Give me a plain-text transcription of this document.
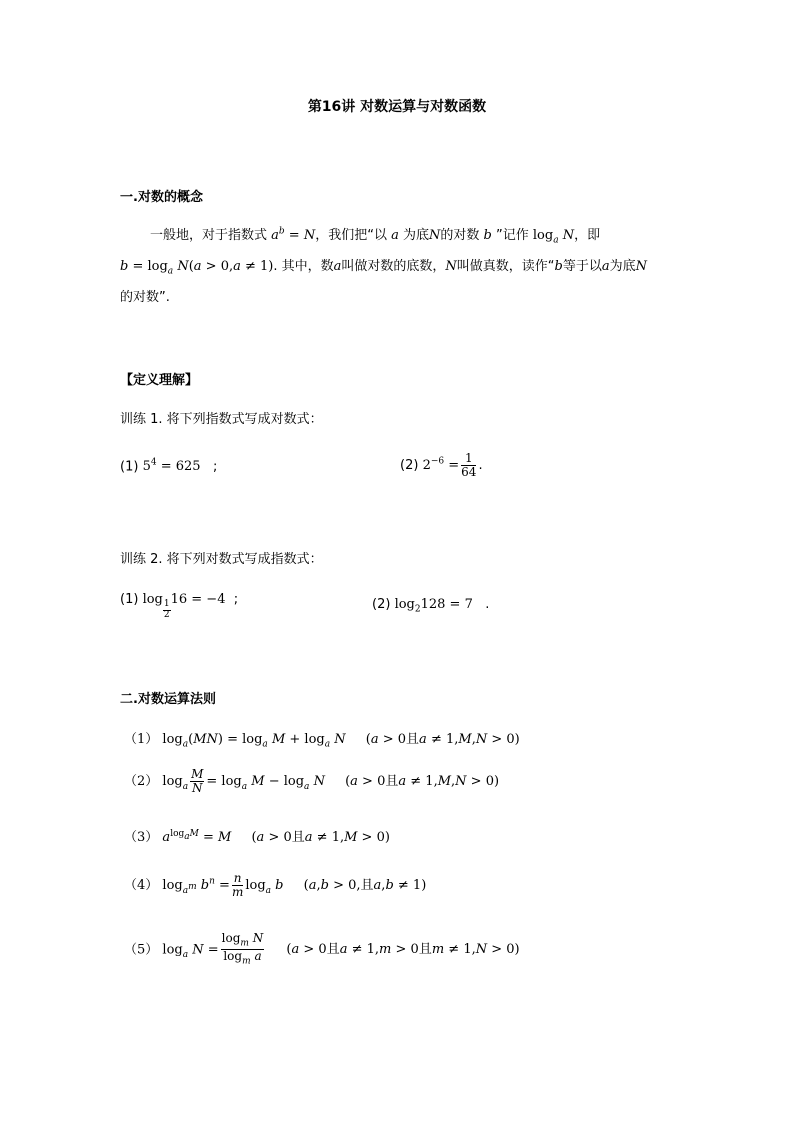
第16讲 对数运算与对数函数
一.对数的概念
一般地，对于指数式 $a^b = N$，我们把“以 a 为底N的对数 b ”记作 $\log_a N$，即
$b = \log_a N(a > 0,a \ne 1)$. 其中，数a叫做对数的底数，N叫做真数，读作“b等于以a为底N
的对数”.
【定义理解】
训练 1. 将下列指数式写成对数式：
(1) $5^4 = 625$   ;	(2) $2^{-6} = \frac{1}{64}$ .
训练 2. 将下列对数式写成指数式：
(1) log
$\frac{1}{2}$
16 = −4  ;	(2) $\log_2128 = 7$   .
二.对数运算法则
（1） $\log_a(MN) = \log_a M + \log_a N$ (a > 0且a ≠ 1,M,N > 0)
（2） $\log_a \frac{M}{N} = \log_a M - \log_a N$ (a > 0且a ≠ 1,M,N > 0)
（3） $a^{log_aM} = M$ (a > 0且a ≠ 1,M > 0)
（4） $\log_{a^m} b^n = \frac{n}{m} \log_a b$ (a,b > 0,且a,b ≠ 1)
（5） $\log_a N = \frac{\log_m N}{\log_m a} (a > 0$且a ≠ 1,m > 0且m ≠ 1,N > 0)
